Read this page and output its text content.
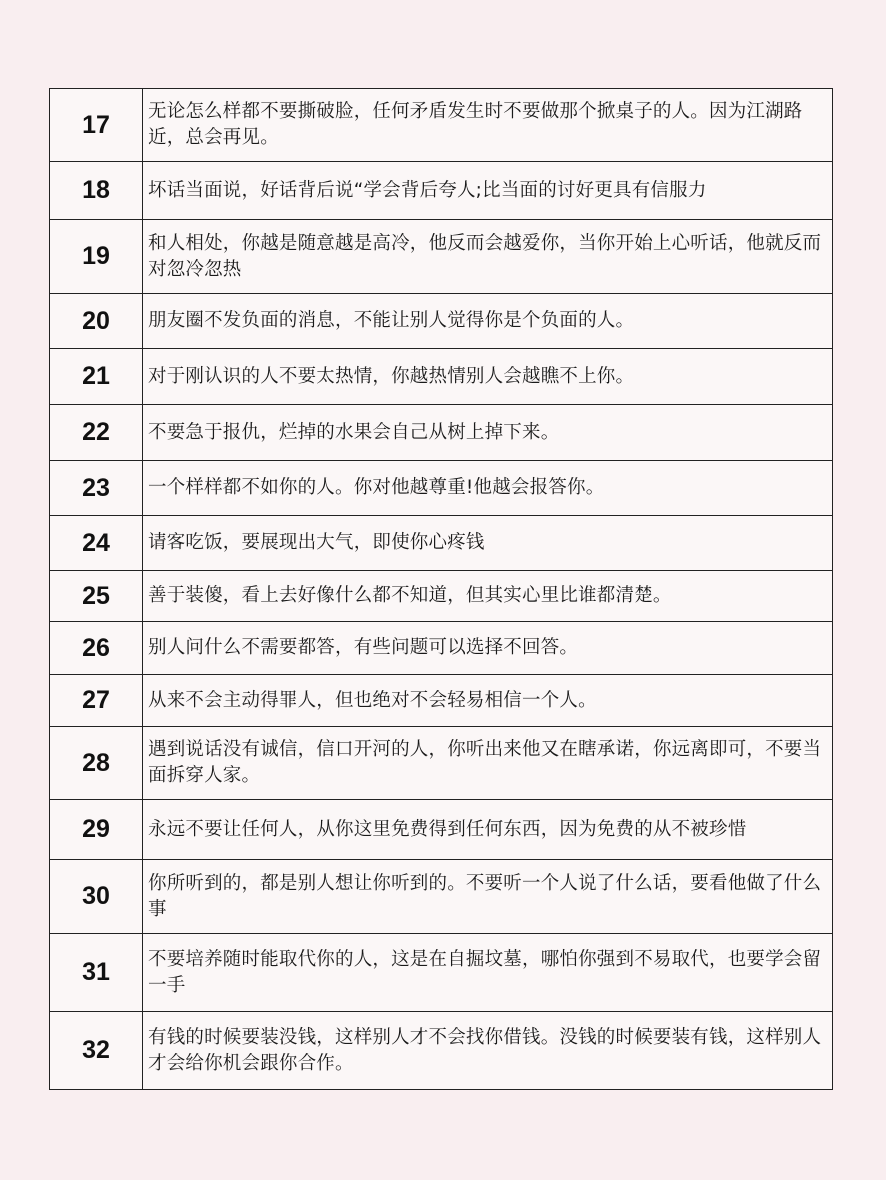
17	无论怎么样都不要撕破脸，任何矛盾发生时不要做那个掀桌子的人。因为江湖路近，总会再见。
18	坏话当面说，好话背后说“学会背后夸人;比当面的讨好更具有信服力
19	和人相处，你越是随意越是高冷，他反而会越爱你，当你开始上心听话，他就反而对忽冷忽热
20	朋友圈不发负面的消息，不能让别人觉得你是个负面的人。
21	对于刚认识的人不要太热情，你越热情别人会越瞧不上你。
22	不要急于报仇，烂掉的水果会自己从树上掉下来。
23	一个样样都不如你的人。你对他越尊重!他越会报答你。
24	请客吃饭，要展现出大气，即使你心疼钱
25	善于装傻，看上去好像什么都不知道，但其实心里比谁都清楚。
26	别人问什么不需要都答，有些问题可以选择不回答。
27	从来不会主动得罪人，但也绝对不会轻易相信一个人。
28	遇到说话没有诚信，信口开河的人，你听出来他又在瞎承诺，你远离即可，不要当面拆穿人家。
29	永远不要让任何人，从你这里免费得到任何东西，因为免费的从不被珍惜
30	你所听到的，都是别人想让你听到的。不要听一个人说了什么话，要看他做了什么事
31	不要培养随时能取代你的人，这是在自掘坟墓，哪怕你强到不易取代，也要学会留一手
32	有钱的时候要装没钱，这样别人才不会找你借钱。没钱的时候要装有钱，这样别人才会给你机会跟你合作。
